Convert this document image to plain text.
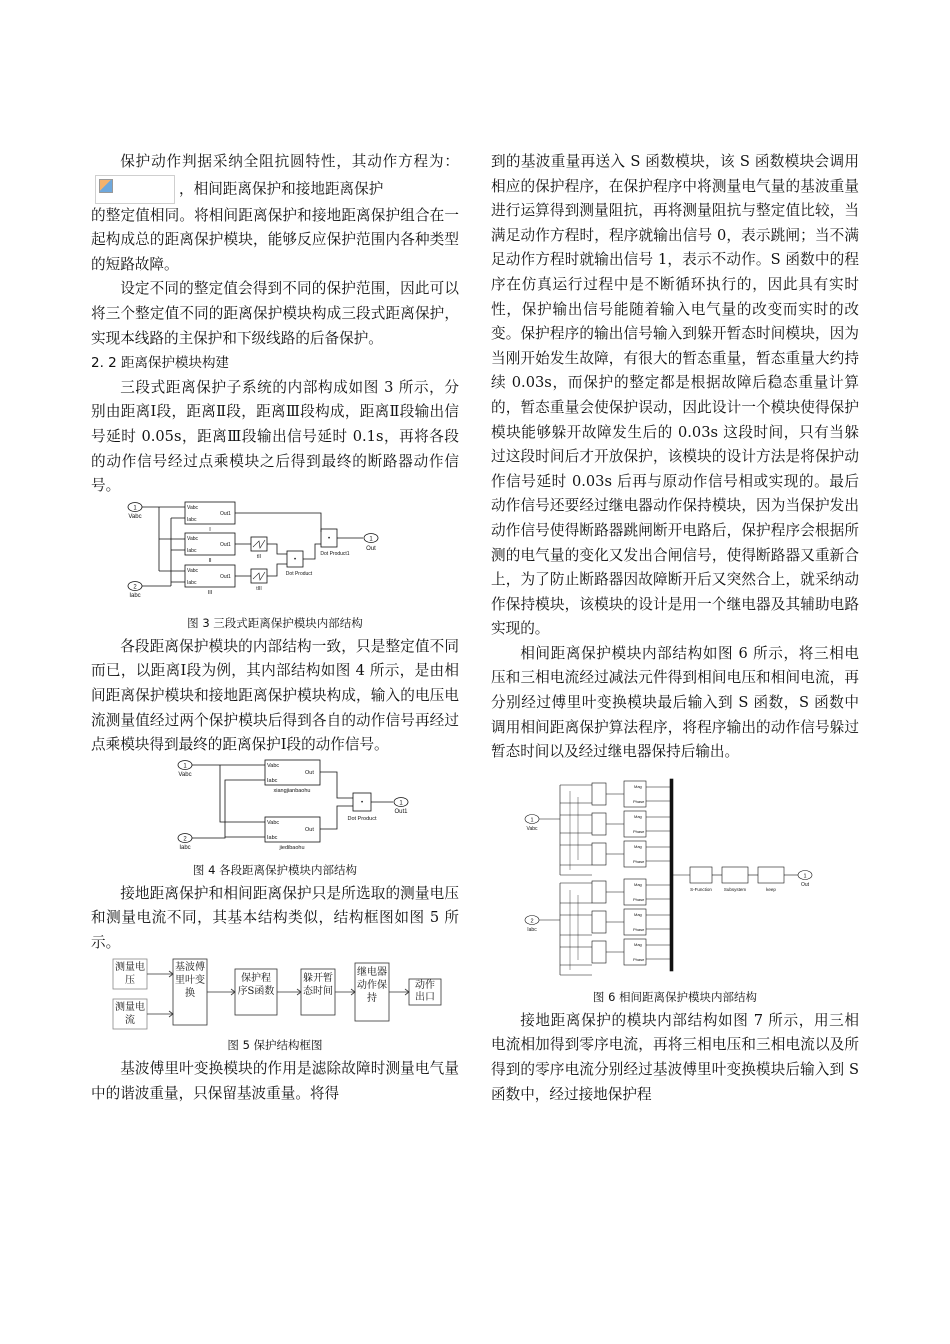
保护动作判据采纳全阻抗圆特性，其动作方程为：
，相间距离保护和接地距离保护

的整定值相同。将相间距离保护和接地距离保护组合在一起构成总的距离保护模块，能够反应保护范围内各种类型的短路故障。

设定不同的整定值会得到不同的保护范围，因此可以将三个整定值不同的距离保护模块构成三段式距离保护，实现本线路的主保护和下级线路的后备保护。

2. 2 距离保护模块构建

三段式距离保护子系统的内部构成如图 3 所示，分别由距离Ⅰ段，距离Ⅱ段，距离Ⅲ段构成，距离Ⅱ段输出信号延时 0.05s，距离Ⅲ段输出信号延时 0.1s，再将各段的动作信号经过点乘模块之后得到最终的断路器动作信号。

1
Vabc
2
Iabc
Vabc
Iabc
Out1
Vabc
Iabc
Out1
Vabc
Iabc
Out1
I
II
III
tII
tIII
•
Dot Product
•
Dot Product1
1
Out
图 3 三段式距离保护模块内部结构

各段距离保护模块的内部结构一致，只是整定值不同而已，以距离Ⅰ段为例，其内部结构如图 4 所示，是由相间距离保护模块和接地距离保护模块构成，输入的电压电流测量值经过两个保护模块后得到各自的动作信号再经过点乘模块得到最终的距离保护Ⅰ段的动作信号。

1
Vabc
2
Iabc
Vabc
Iabc
Out
Vabc
Iabc
Out
xiangjianbaohu
jiedibaohu
•
Dot Product
1
Out1
图 4 各段距离保护模块内部结构

接地距离保护和相间距离保护只是所选取的测量电压和测量电流不同，其基本结构类似，结构框图如图 5 所示。

测量电压
测量电流
基波傅里叶变换
保护程序S函数
躲开暂态时间
继电器动作保持
动作出口
图 5 保护结构框图

基波傅里叶变换模块的作用是滤除故障时测量电气量中的谐波重量，只保留基波重量。将得

到的基波重量再送入 S 函数模块，该 S 函数模块会调用相应的保护程序，在保护程序中将测量电气量的基波重量进行运算得到测量阻抗，再将测量阻抗与整定值比较，当满足动作方程时，程序就输出信号 0，表示跳闸；当不满足动作方程时就输出信号 1，表示不动作。S 函数中的程序在仿真运行过程中是不断循环执行的，因此具有实时性，保护输出信号能随着输入电气量的改变而实时的改变。保护程序的输出信号输入到躲开暂态时间模块，因为当刚开始发生故障，有很大的暂态重量，暂态重量大约持续 0.03s，而保护的整定都是根据故障后稳态重量计算的，暂态重量会使保护误动，因此设计一个模块使得保护模块能够躲开故障发生后的 0.03s 这段时间，只有当躲过这段时间后才开放保护，该模块的设计方法是将保护动作信号延时 0.03s 后再与原动作信号相或实现的。最后动作信号还要经过继电器动作保持模块，因为当保护发出动作信号使得断路器跳闸断开电路后，保护程序会根据所测的电气量的变化又发出合闸信号，使得断路器又重新合上，为了防止断路器因故障断开后又突然合上，就采纳动作保持模块，该模块的设计是用一个继电器及其辅助电路实现的。

相间距离保护模块内部结构如图 6 所示，将三相电压和三相电流经过减法元件得到相间电压和相间电流，再分别经过傅里叶变换模块最后输入到 S 函数，S 函数中调用相间距离保护算法程序，将程序输出的动作信号躲过暂态时间以及经过继电器保持后输出。

1
Vabc
2
Iabc
Mag
Phase
Mag
Phase
Mag
Phase
Mag
Phase
Mag
Phase
Mag
Phase
S-Function	Subsystem	keep
1
Out
图 6 相间距离保护模块内部结构

接地距离保护的模块内部结构如图 7 所示，用三相电流相加得到零序电流，再将三相电压和三相电流以及所得到的零序电流分别经过基波傅里叶变换模块后输入到 S 函数中，经过接地保护程
